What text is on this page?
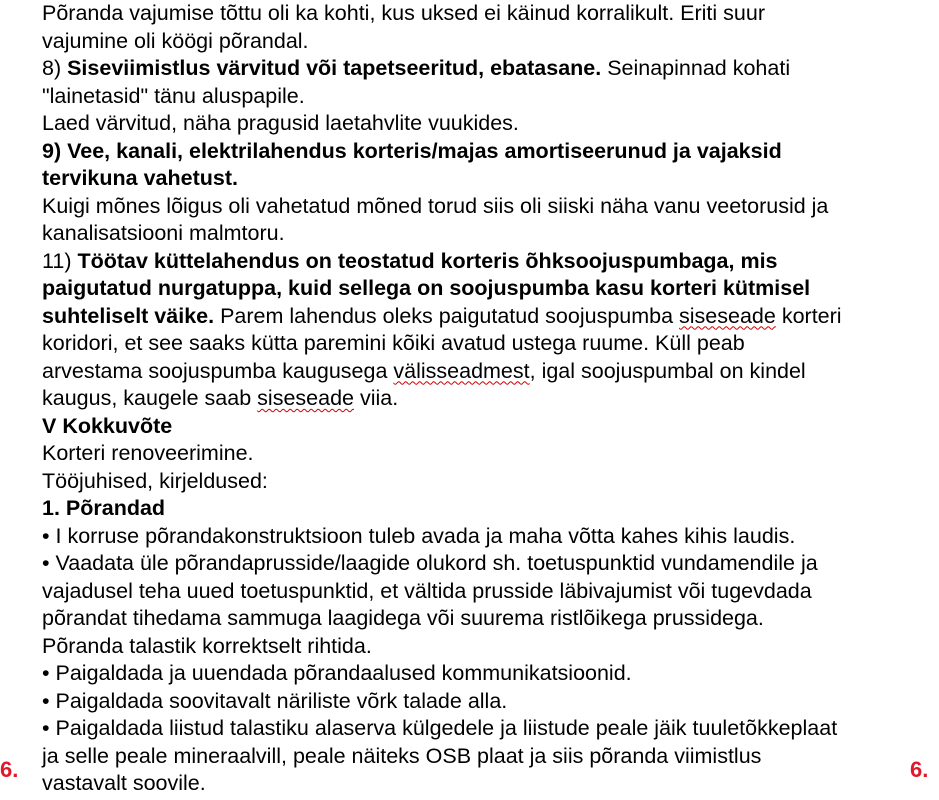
Põranda vajumise tõttu oli ka kohti, kus uksed ei käinud korralikult. Eriti suur
vajumine oli köögi põrandal.
8) Siseviimistlus värvitud või tapetseeritud, ebatasane. Seinapinnad kohati
"lainetasid" tänu aluspapile.
Laed värvitud, näha pragusid laetahvlite vuukides.
9) Vee, kanali, elektrilahendus korteris/majas amortiseerunud ja vajaksid
tervikuna vahetust.
Kuigi mõnes lõigus oli vahetatud mõned torud siis oli siiski näha vanu veetorusid ja
kanalisatsiooni malmtoru.
11) Töötav küttelahendus on teostatud korteris õhksoojuspumbaga, mis
paigutatud nurgatuppa, kuid sellega on soojuspumba kasu korteri kütmisel
suhteliselt väike. Parem lahendus oleks paigutatud soojuspumba siseseade korteri
koridori, et see saaks kütta paremini kõiki avatud ustega ruume. Küll peab
arvestama soojuspumba kaugusega välisseadmest, igal soojuspumbal on kindel
kaugus, kaugele saab siseseade viia.
V Kokkuvõte
Korteri renoveerimine.
Tööjuhised, kirjeldused:
1. Põrandad
• I korruse põrandakonstruktsioon tuleb avada ja maha võtta kahes kihis laudis.
• Vaadata üle põrandaprusside/laagide olukord sh. toetuspunktid vundamendile ja
vajadusel teha uued toetuspunktid, et vältida prusside läbivajumist või tugevdada
põrandat tihedama sammuga laagidega või suurema ristlõikega prussidega.
Põranda talastik korrektselt rihtida.
• Paigaldada ja uuendada põrandaalused kommunikatsioonid.
• Paigaldada soovitavalt näriliste võrk talade alla.
• Paigaldada liistud talastiku alaserva külgedele ja liistude peale jäik tuuletõkkeplaat
ja selle peale mineraalvill, peale näiteks OSB plaat ja siis põranda viimistlus
vastavalt soovile.
6.	6.
